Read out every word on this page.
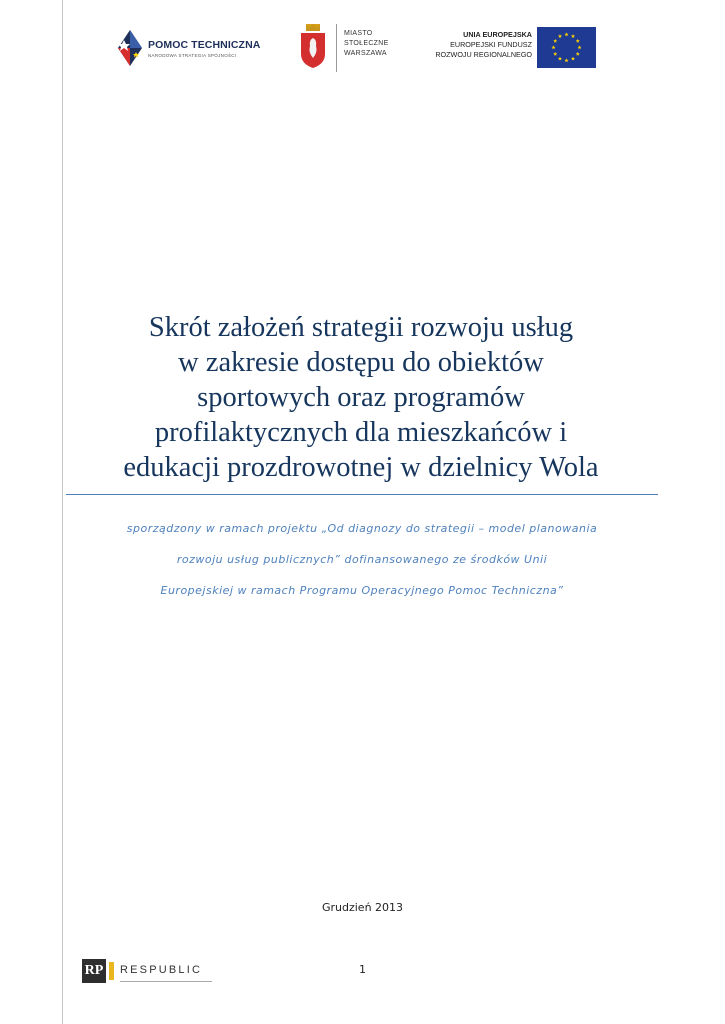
POMOC TECHNICZNA
NARODOWA STRATEGIA SPÓJNOŚCI
MIASTO
STOŁECZNE
WARSZAWA
UNIA EUROPEJSKA
EUROPEJSKI FUNDUSZ
ROZWOJU REGIONALNEGO
Skrót założeń strategii rozwoju usług
w zakresie dostępu do obiektów
sportowych oraz programów
profilaktycznych dla mieszkańców i
edukacji prozdrowotnej w dzielnicy Wola
sporządzony w ramach projektu „Od diagnozy do strategii – model planowania
rozwoju usług publicznych” dofinansowanego ze środków Unii
Europejskiej w ramach Programu Operacyjnego Pomoc Techniczna”
Grudzień 2013
RP RESPUBLIC	1
